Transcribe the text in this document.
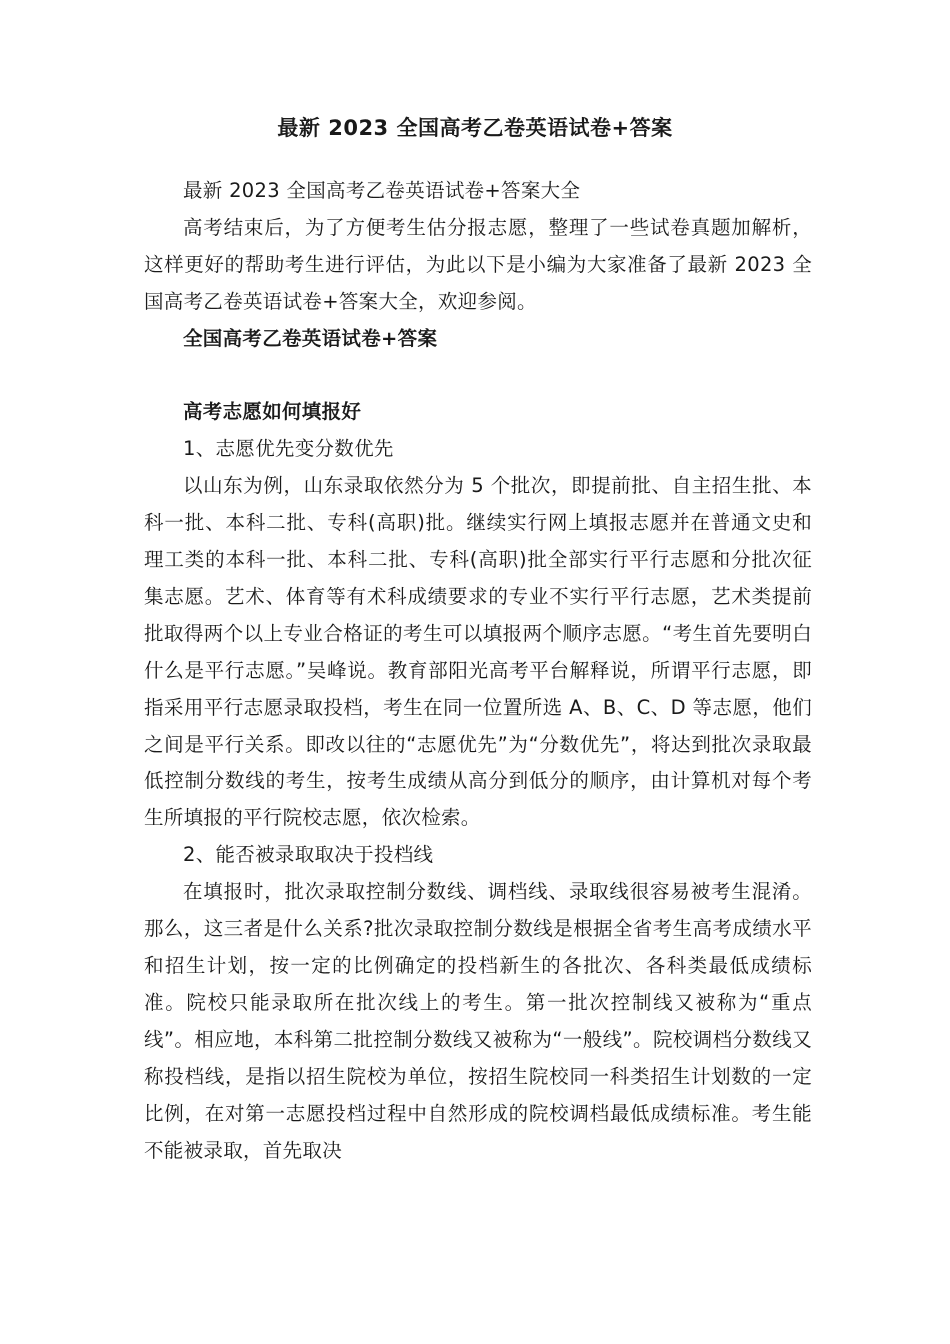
最新 2023 全国高考乙卷英语试卷+答案

最新 2023 全国高考乙卷英语试卷+答案大全

高考结束后，为了方便考生估分报志愿，整理了一些试卷真题加解析，这样更好的帮助考生进行评估，为此以下是小编为大家准备了最新 2023 全国高考乙卷英语试卷+答案大全，欢迎参阅。

全国高考乙卷英语试卷+答案

高考志愿如何填报好

1、志愿优先变分数优先

以山东为例，山东录取依然分为 5 个批次，即提前批、自主招生批、本科一批、本科二批、专科(高职)批。继续实行网上填报志愿并在普通文史和理工类的本科一批、本科二批、专科(高职)批全部实行平行志愿和分批次征集志愿。艺术、体育等有术科成绩要求的专业不实行平行志愿，艺术类提前批取得两个以上专业合格证的考生可以填报两个顺序志愿。“考生首先要明白什么是平行志愿。”吴峰说。教育部阳光高考平台解释说，所谓平行志愿，即指采用平行志愿录取投档，考生在同一位置所选 A、B、C、D 等志愿，他们之间是平行关系。即改以往的“志愿优先”为“分数优先”，将达到批次录取最低控制分数线的考生，按考生成绩从高分到低分的顺序，由计算机对每个考生所填报的平行院校志愿，依次检索。

2、能否被录取取决于投档线

在填报时，批次录取控制分数线、调档线、录取线很容易被考生混淆。那么，这三者是什么关系?批次录取控制分数线是根据全省考生高考成绩水平和招生计划，按一定的比例确定的投档新生的各批次、各科类最低成绩标准。院校只能录取所在批次线上的考生。第一批次控制线又被称为“重点线”。相应地，本科第二批控制分数线又被称为“一般线”。院校调档分数线又称投档线，是指以招生院校为单位，按招生院校同一科类招生计划数的一定比例，在对第一志愿投档过程中自然形成的院校调档最低成绩标准。考生能不能被录取，首先取决
